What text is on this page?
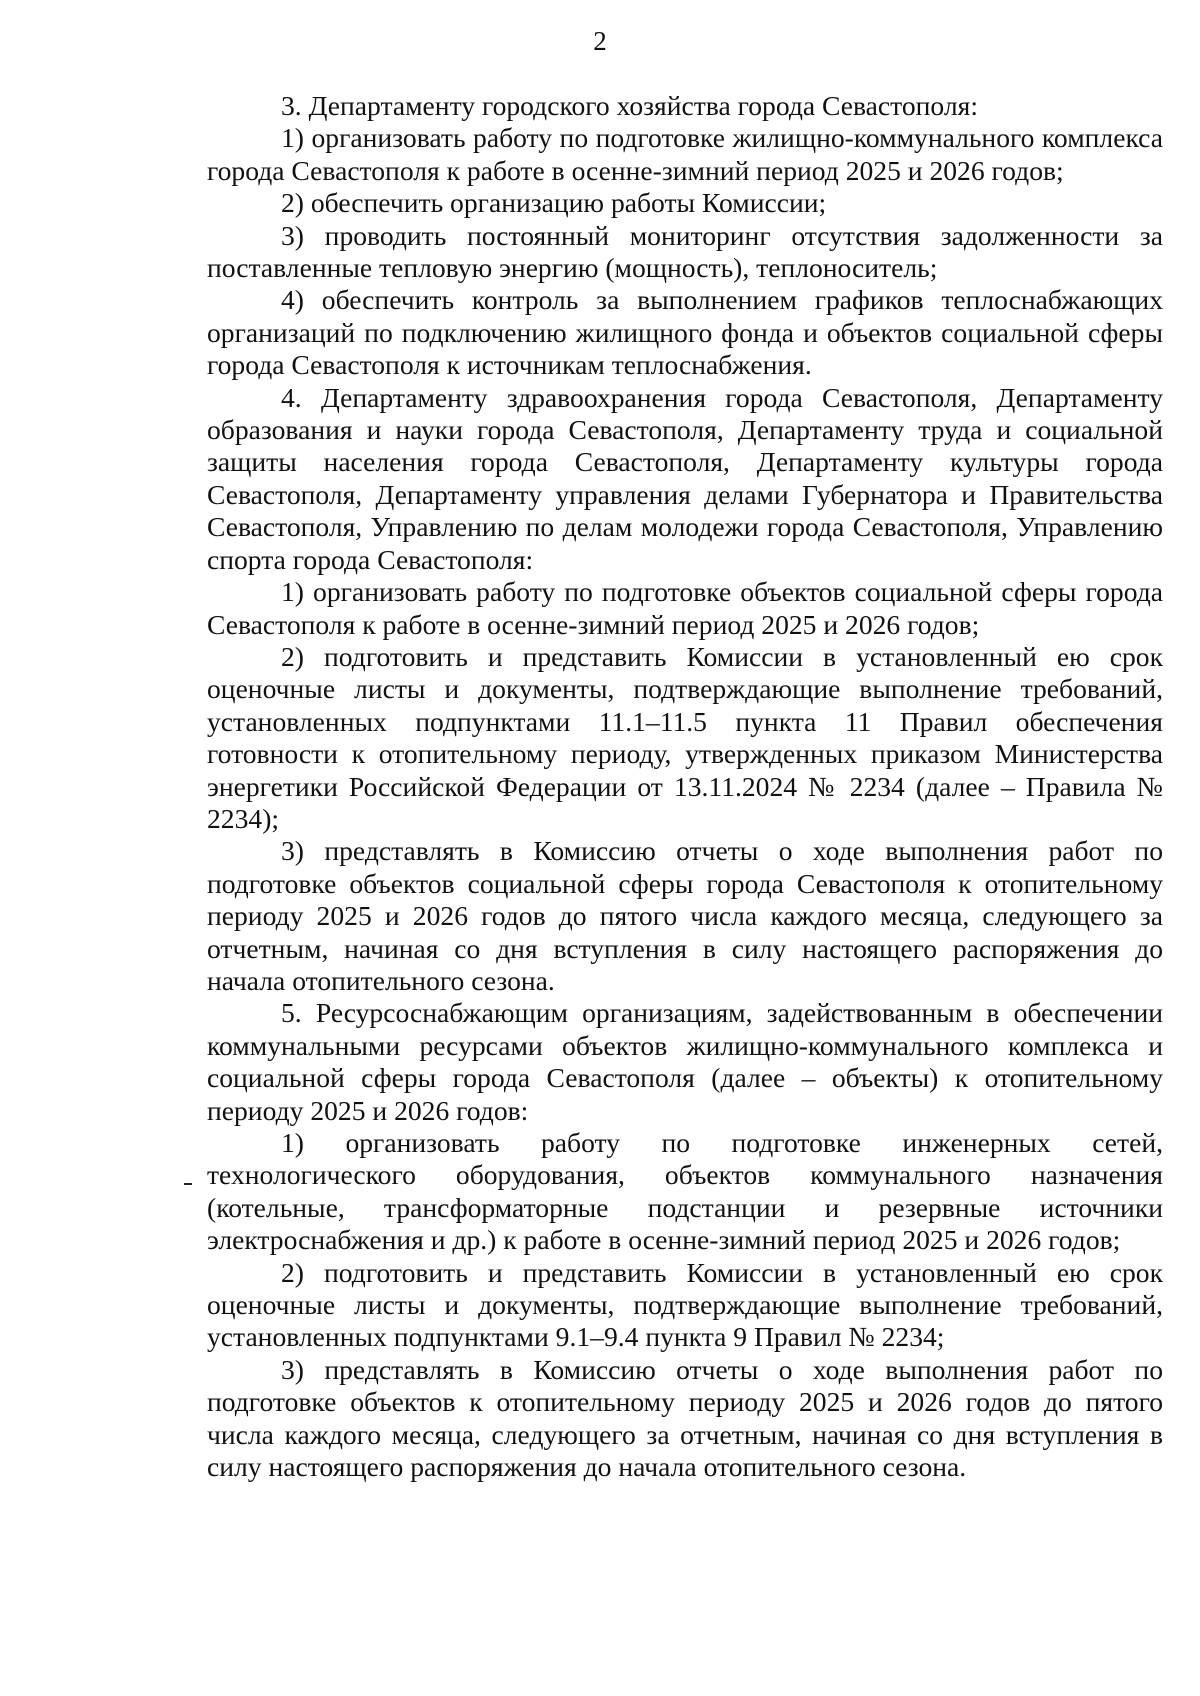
2

3. Департаменту городского хозяйства города Севастополя:

1) организовать работу по подготовке жилищно-коммунального комплекса города Севастополя к работе в осенне-зимний период 2025 и 2026 годов;

2) обеспечить организацию работы Комиссии;

3) проводить постоянный мониторинг отсутствия задолженности за поставленные тепловую энергию (мощность), теплоноситель;

4) обеспечить контроль за выполнением графиков теплоснабжающих организаций по подключению жилищного фонда и объектов социальной сферы города Севастополя к источникам теплоснабжения.

4. Департаменту здравоохранения города Севастополя, Департаменту образования и науки города Севастополя, Департаменту труда и социальной защиты населения города Севастополя, Департаменту культуры города Севастополя, Департаменту управления делами Губернатора и Правительства Севастополя, Управлению по делам молодежи города Севастополя, Управлению спорта города Севастополя:

1) организовать работу по подготовке объектов социальной сферы города Севастополя к работе в осенне-зимний период 2025 и 2026 годов;

2) подготовить и представить Комиссии в установленный ею срок оценочные листы и документы, подтверждающие выполнение требований, установленных подпунктами 11.1–11.5 пункта 11 Правил обеспечения готовности к отопительному периоду, утвержденных приказом Министерства энергетики Российской Федерации от 13.11.2024 № 2234 (далее – Правила № 2234);

3) представлять в Комиссию отчеты о ходе выполнения работ по подготовке объектов социальной сферы города Севастополя к отопительному периоду 2025 и 2026 годов до пятого числа каждого месяца, следующего за отчетным, начиная со дня вступления в силу настоящего распоряжения до начала отопительного сезона.

5. Ресурсоснабжающим организациям, задействованным в обеспечении коммунальными ресурсами объектов жилищно-коммунального комплекса и социальной сферы города Севастополя (далее – объекты) к отопительному периоду 2025 и 2026 годов:

1) организовать работу по подготовке инженерных сетей, технологического оборудования, объектов коммунального назначения (котельные, трансформаторные подстанции и резервные источники электроснабжения и др.) к работе в осенне-зимний период 2025 и 2026 годов;

2) подготовить и представить Комиссии в установленный ею срок оценочные листы и документы, подтверждающие выполнение требований, установленных подпунктами 9.1–9.4 пункта 9 Правил № 2234;

3) представлять в Комиссию отчеты о ходе выполнения работ по подготовке объектов к отопительному периоду 2025 и 2026 годов до пятого числа каждого месяца, следующего за отчетным, начиная со дня вступления в силу настоящего распоряжения до начала отопительного сезона.
